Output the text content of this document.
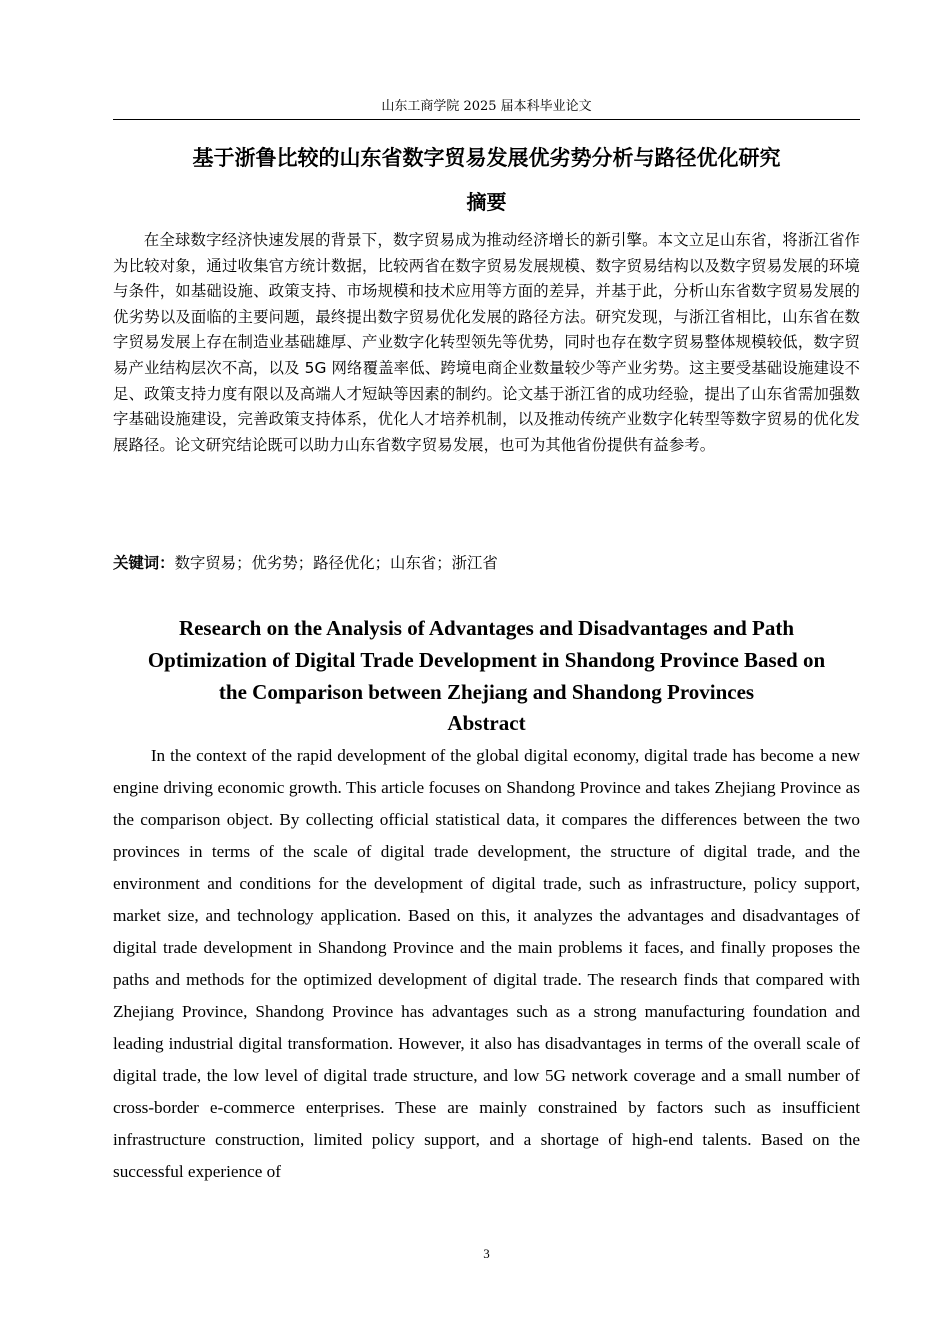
山东工商学院 2025 届本科毕业论文
基于浙鲁比较的山东省数字贸易发展优劣势分析与路径优化研究
摘要

在全球数字经济快速发展的背景下，数字贸易成为推动经济增长的新引擎。本文立足山东省，将浙江省作为比较对象，通过收集官方统计数据，比较两省在数字贸易发展规模、数字贸易结构以及数字贸易发展的环境与条件，如基础设施、政策支持、市场规模和技术应用等方面的差异，并基于此，分析山东省数字贸易发展的优劣势以及面临的主要问题，最终提出数字贸易优化发展的路径方法。研究发现，与浙江省相比，山东省在数字贸易发展上存在制造业基础雄厚、产业数字化转型领先等优势，同时也存在数字贸易整体规模较低，数字贸易产业结构层次不高，以及 5G 网络覆盖率低、跨境电商企业数量较少等产业劣势。这主要受基础设施建设不足、政策支持力度有限以及高端人才短缺等因素的制约。论文基于浙江省的成功经验，提出了山东省需加强数字基础设施建设，完善政策支持体系，优化人才培养机制，以及推动传统产业数字化转型等数字贸易的优化发展路径。论文研究结论既可以助力山东省数字贸易发展，也可为其他省份提供有益参考。

关键词：数字贸易；优劣势；路径优化；山东省；浙江省
Research on the Analysis of Advantages and Disadvantages and Path
Optimization of Digital Trade Development in Shandong Province Based on
the Comparison between Zhejiang and Shandong Provinces
Abstract

In the context of the rapid development of the global digital economy, digital trade has become a new engine driving economic growth. This article focuses on Shandong Province and takes Zhejiang Province as the comparison object. By collecting official statistical data, it compares the differences between the two provinces in terms of the scale of digital trade development, the structure of digital trade, and the environment and conditions for the development of digital trade, such as infrastructure, policy support, market size, and technology application. Based on this, it analyzes the advantages and disadvantages of digital trade development in Shandong Province and the main problems it faces, and finally proposes the paths and methods for the optimized development of digital trade. The research finds that compared with Zhejiang Province, Shandong Province has advantages such as a strong manufacturing foundation and leading industrial digital transformation. However, it also has disadvantages in terms of the overall scale of digital trade, the low level of digital trade structure, and low 5G network coverage and a small number of cross-border e-commerce enterprises. These are mainly constrained by factors such as insufficient infrastructure construction, limited policy support, and a shortage of high-end talents. Based on the successful experience of

3
